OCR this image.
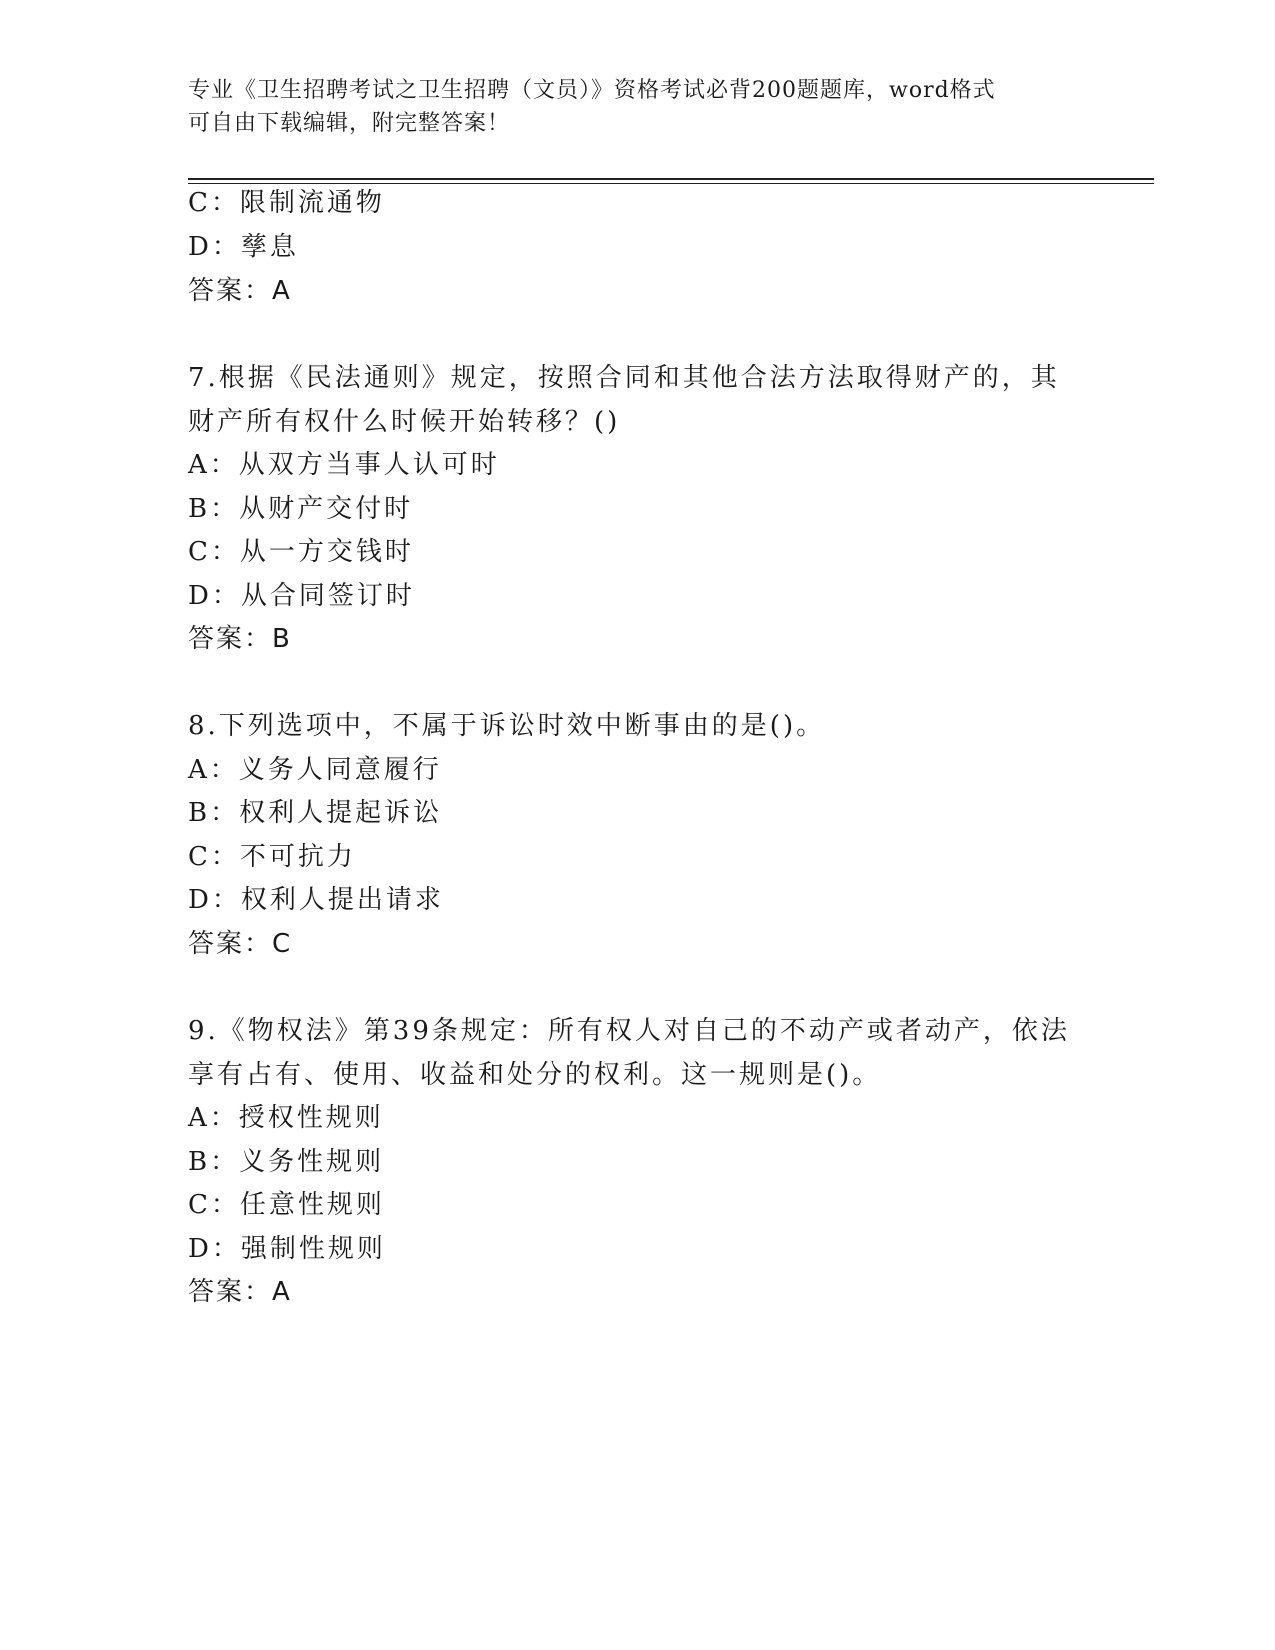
专业《卫生招聘考试之卫生招聘（文员）》资格考试必背200题题库，word格式
可自由下载编辑，附完整答案！
C：限制流通物
D：孳息
答案：A
7.根据《民法通则》规定，按照合同和其他合法方法取得财产的，其
财产所有权什么时候开始转移？()
A：从双方当事人认可时
B：从财产交付时
C：从一方交钱时
D：从合同签订时
答案：B
8.下列选项中，不属于诉讼时效中断事由的是()。
A：义务人同意履行
B：权利人提起诉讼
C：不可抗力
D：权利人提出请求
答案：C
9.《物权法》第39条规定：所有权人对自己的不动产或者动产，依法
享有占有、使用、收益和处分的权利。这一规则是()。
A：授权性规则
B：义务性规则
C：任意性规则
D：强制性规则
答案：A
